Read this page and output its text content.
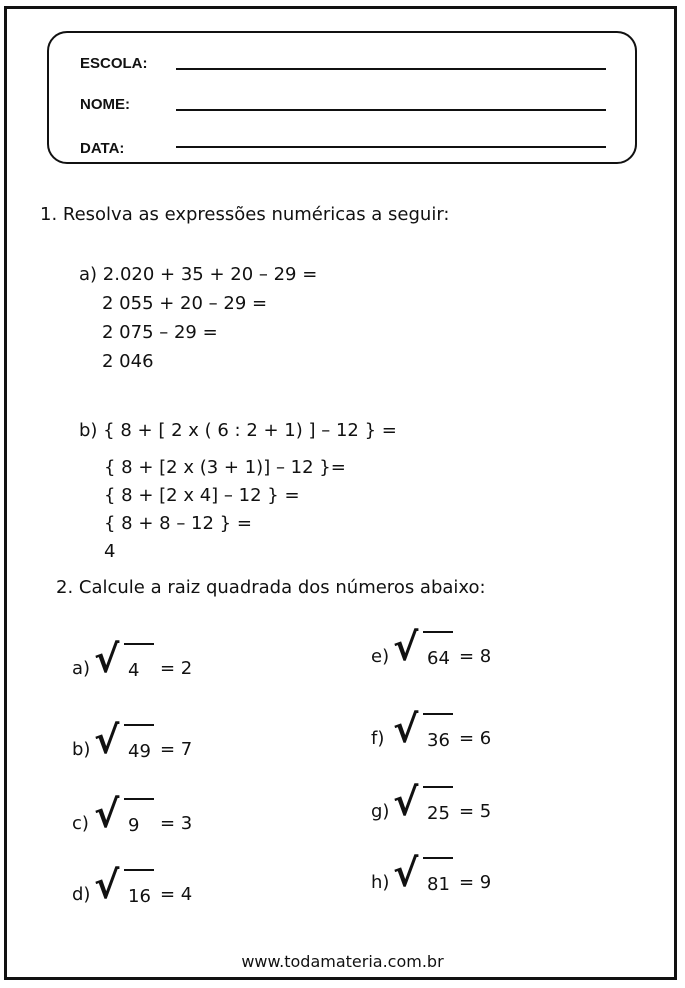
ESCOLA:
NOME:
DATA:
1. Resolva as expressões numéricas a seguir:
a) 2.020 + 35 + 20 – 29 =
2 055 + 20 – 29 =
2 075 – 29 =
2 046
b) { 8 + [ 2 x ( 6 : 2 + 1) ] – 12 } =
{ 8 + [2 x (3 + 1)] – 12 }=
{ 8 + [2 x 4] – 12 } =
{ 8 + 8 – 12 } =
4
2. Calcule a raiz quadrada dos números abaixo:
a) √ 4 = 2
b) √ 49 = 7
c) √ 9 = 3
d) √ 16 = 4
e) √ 64 = 8
f) √ 36 = 6
g) √ 25 = 5
h) √ 81 = 9
www.todamateria.com.br
